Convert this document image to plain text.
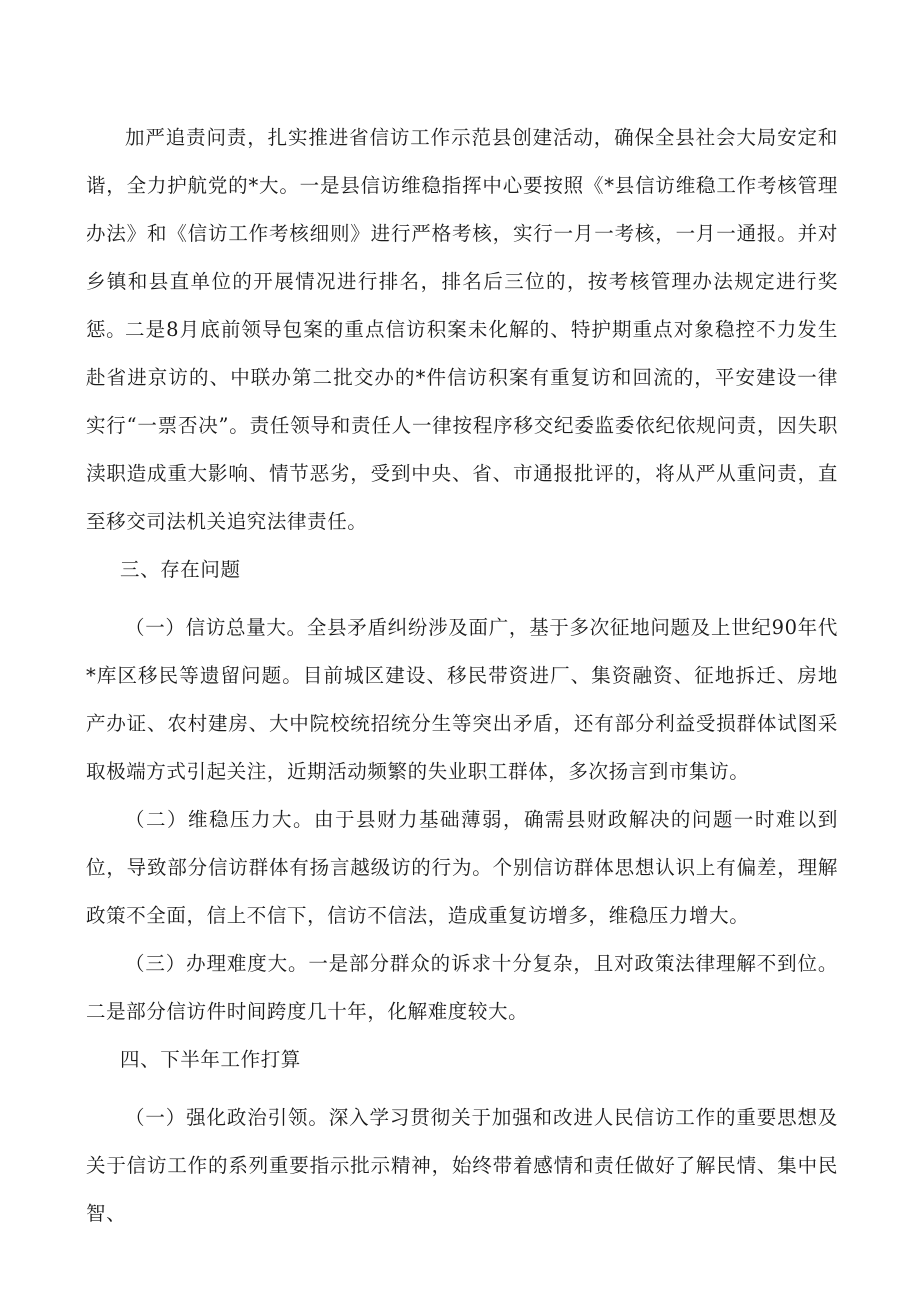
加严追责问责，扎实推进省信访工作示范县创建活动，确保全县社会大局安定和谐，全力护航党的*大。一是县信访维稳指挥中心要按照《*县信访维稳工作考核管理办法》和《信访工作考核细则》进行严格考核，实行一月一考核，一月一通报。并对乡镇和县直单位的开展情况进行排名，排名后三位的，按考核管理办法规定进行奖惩。

二是8月底前领导包案的重点信访积案未化解的、特护期重点对象稳控不力发生赴省进京访的、中联办第二批交办的*件信访积案有重复访和回流的，平安建设一律实行“一票否决”。责任领导和责任人一律按程序移交纪委监委依纪依规问责，因失职渎职造成重大影响、情节恶劣，受到中央、省、市通报批评的，将从严从重问责，直至移交司法机关追究法律责任。

三、存在问题

（一）信访总量大。全县矛盾纠纷涉及面广，基于多次征地问题及上世纪90年代*库区移民等遗留问题。目前城区建设、移民带资进厂、集资融资、征地拆迁、房地产办证、农村建房、大中院校统招统分生等突出矛盾，还有部分利益受损群体试图采取极端方式引起关注，近期活动频繁的失业职工群体，多次扬言到市集访。

（二）维稳压力大。由于县财力基础薄弱，确需县财政解决的问题一时难以到位，导致部分信访群体有扬言越级访的行为。个别信访群体思想认识上有偏差，理解政策不全面，信上不信下，信访不信法，造成重复访增多，维稳压力增大。

（三）办理难度大。一是部分群众的诉求十分复杂，且对政策法律理解不到位。二是部分信访件时间跨度几十年，化解难度较大。

四、下半年工作打算

（一）强化政治引领。深入学习贯彻关于加强和改进人民信访工作的重要思想及关于信访工作的系列重要指示批示精神，始终带着感情和责任做好了解民情、集中民智、
